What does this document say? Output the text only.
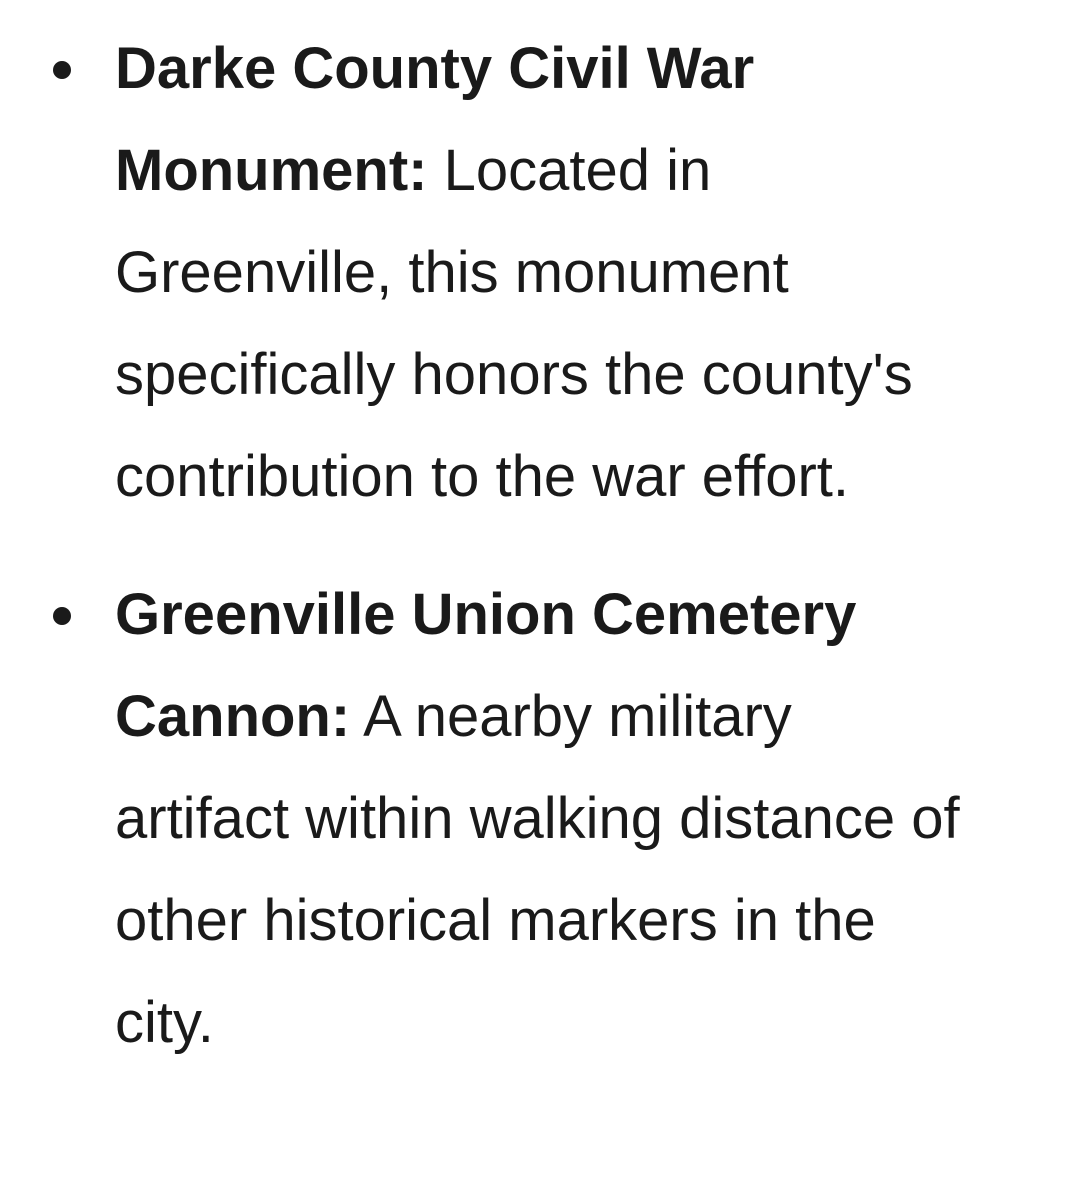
Darke County Civil War Monument: Located in Greenville, this monument specifically honors the county's contribution to the war effort.
Greenville Union Cemetery Cannon: A nearby military artifact within walking distance of other historical markers in the city.
